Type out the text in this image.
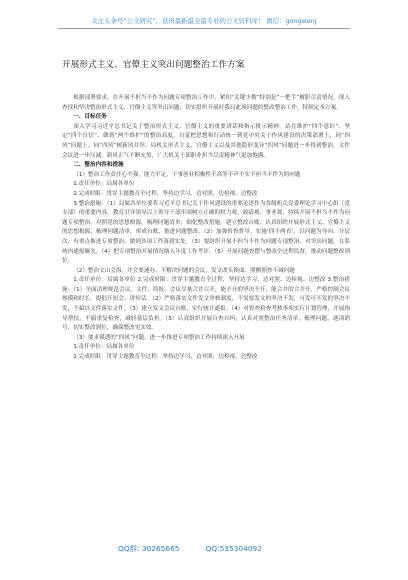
关注头条号“公文研究”，获得最新最全最专业的公文资料库！ 微信：gongwenj
开展形式主义、官僚主义突出问题整治工作方案

根据部署要求，在开展不担当不作为问题专项整治工作中，紧扣“关键少数”特别是“一把手”履职尽责情况，深入查找和坚决整治形式主义、官僚主义等突出问题，切实组织开展好我局此项问题的整改整治工作，特制定本方案。

一、目标任务

深入学习习近平总书记关于整治形式主义、官僚主义的重要讲话和指示批示精神，站在维护“四个意识”、坚定“四个自信”、做到“两个维护”的整治高度，自觉把思想和行动统一到党中央关于作风建设的决策部署上，同“四风”问题上，同“四风”树新风并举、局机关形式主义、官僚主义以及其他隐形变异“四风”问题进一步得到整治，文件会议进一步压减，新风正气不断充盈，广大机关干部职业担当尽责精神气更加饱满。

二、整治内容和措施

（1）整治工作责任心不强，能力不足，干事创业积极性不高等不声不实不担当不作为的问题

1.责任单位：局属各单位

2.完成时限：贯穿主题教育全过程，坚持边学习、边对照、边检视、边整改

3.整治措施：（1）局属各单位要将习近平总书记关于作风建设的重要论述作为各级机关党委理论学习中心组（党支部）的重要内容，教育引导领导以上领导干部牢固树立正确的权力观、政绩观、事业观，持续开展不担当不作为问题专项整治，对照党的思想根源，梳理问题清单，细化整改措施，建立整改台账，认真组织开展形式主义、官僚主义的思想根源，梳理问题清单，形成台账，推进问题整改。（2）加强督查督导，实施‘四不两直’、以问题为导向、分层次、有重点推进专项整治，做到各项工作落到实处。（3）要组织开展不担当不作为问题专项整治，对突出问题，在系统内通报曝光。（4）把专项整治开展情况纳入年度工作考评。（5）开展问题查摆与整改全过程监督，推动问题整改到位。

（2）整治文山会海，开会要速办、不解决问题的会议，发文改头换面、照搬照抄不减问题

1.责任单位：局属各单位 2.完成时限：贯穿主题教育全过程，坚持边学习、边对照、边检视、边整改 3.整治措施：（1）全面清理规范会议、文件、简报，会议尽量合并召开，能不开的坚决不开，能合并的合并开，严格控制会议规模和时长，提倡开短会、讲短话。（2）严格落实文件发文审核制度，不需要发文的坚决不发，可发可不发的坚决不发，不搞以文件落实文件。（3）建立发文会议台账，实行统计通报。（4）对督查检查考核事项实行计划管理，开展指导帮扶，不搞重复检查，减轻基层负担。（5）认真组织开展自查自纠，认真对照整治任务清单，梳理问题、逐项销号，切实整改到位，确保整改见实效。

（3）要求摸透的“四风”问题，进一步推进专项整治工作持续深入开展

1.责任单位：局属各单位

2.完成时限：贯穿主题教育全过程，坚持边学习、边对照、边检视、边整改

QQ群: 30265665	QQ:535304092
